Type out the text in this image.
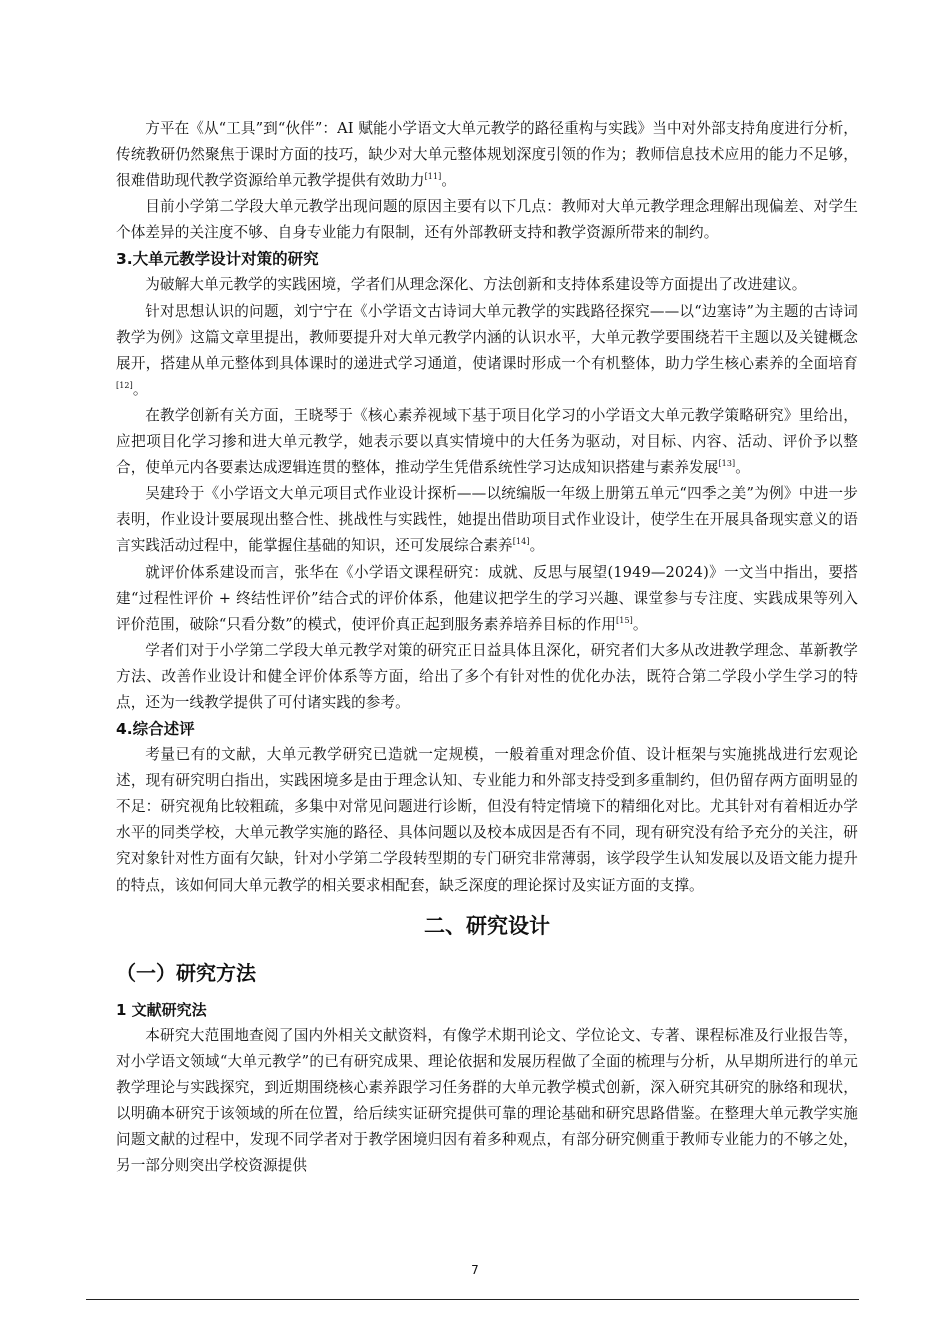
方平在《从“工具”到“伙伴”：AI 赋能小学语文大单元教学的路径重构与实践》当中对外部支持角度进行分析，传统教研仍然聚焦于课时方面的技巧，缺少对大单元整体规划深度引领的作为；教师信息技术应用的能力不足够，很难借助现代教学资源给单元教学提供有效助力[11]。

目前小学第二学段大单元教学出现问题的原因主要有以下几点：教师对大单元教学理念理解出现偏差、对学生个体差异的关注度不够、自身专业能力有限制，还有外部教研支持和教学资源所带来的制约。

3.大单元教学设计对策的研究

为破解大单元教学的实践困境，学者们从理念深化、方法创新和支持体系建设等方面提出了改进建议。

针对思想认识的问题，刘宁宁在《小学语文古诗词大单元教学的实践路径探究——以“边塞诗”为主题的古诗词教学为例》这篇文章里提出，教师要提升对大单元教学内涵的认识水平，大单元教学要围绕若干主题以及关键概念展开，搭建从单元整体到具体课时的递进式学习通道，使诸课时形成一个有机整体，助力学生核心素养的全面培育[12]。

在教学创新有关方面，王晓琴于《核心素养视域下基于项目化学习的小学语文大单元教学策略研究》里给出，应把项目化学习掺和进大单元教学，她表示要以真实情境中的大任务为驱动，对目标、内容、活动、评价予以整合，使单元内各要素达成逻辑连贯的整体，推动学生凭借系统性学习达成知识搭建与素养发展[13]。

吴建玲于《小学语文大单元项目式作业设计探析——以统编版一年级上册第五单元“四季之美”为例》中进一步表明，作业设计要展现出整合性、挑战性与实践性，她提出借助项目式作业设计，使学生在开展具备现实意义的语言实践活动过程中，能掌握住基础的知识，还可发展综合素养[14]。

就评价体系建设而言，张华在《小学语文课程研究：成就、反思与展望(1949—2024)》一文当中指出，要搭建“过程性评价 + 终结性评价”结合式的评价体系，他建议把学生的学习兴趣、课堂参与专注度、实践成果等列入评价范围，破除“只看分数”的模式，使评价真正起到服务素养培养目标的作用[15]。

学者们对于小学第二学段大单元教学对策的研究正日益具体且深化，研究者们大多从改进教学理念、革新教学方法、改善作业设计和健全评价体系等方面，给出了多个有针对性的优化办法，既符合第二学段小学生学习的特点，还为一线教学提供了可付诸实践的参考。

4.综合述评

考量已有的文献，大单元教学研究已造就一定规模，一般着重对理念价值、设计框架与实施挑战进行宏观论述，现有研究明白指出，实践困境多是由于理念认知、专业能力和外部支持受到多重制约，但仍留存两方面明显的不足：研究视角比较粗疏，多集中对常见问题进行诊断，但没有特定情境下的精细化对比。尤其针对有着相近办学水平的同类学校，大单元教学实施的路径、具体问题以及校本成因是否有不同，现有研究没有给予充分的关注，研究对象针对性方面有欠缺，针对小学第二学段转型期的专门研究非常薄弱，该学段学生认知发展以及语文能力提升的特点，该如何同大单元教学的相关要求相配套，缺乏深度的理论探讨及实证方面的支撑。

二、研究设计
（一）研究方法
1 文献研究法

本研究大范围地查阅了国内外相关文献资料，有像学术期刊论文、学位论文、专著、课程标准及行业报告等，对小学语文领域“大单元教学”的已有研究成果、理论依据和发展历程做了全面的梳理与分析，从早期所进行的单元教学理论与实践探究，到近期围绕核心素养跟学习任务群的大单元教学模式创新，深入研究其研究的脉络和现状，以明确本研究于该领域的所在位置，给后续实证研究提供可靠的理论基础和研究思路借鉴。在整理大单元教学实施问题文献的过程中，发现不同学者对于教学困境归因有着多种观点，有部分研究侧重于教师专业能力的不够之处，另一部分则突出学校资源提供

7
